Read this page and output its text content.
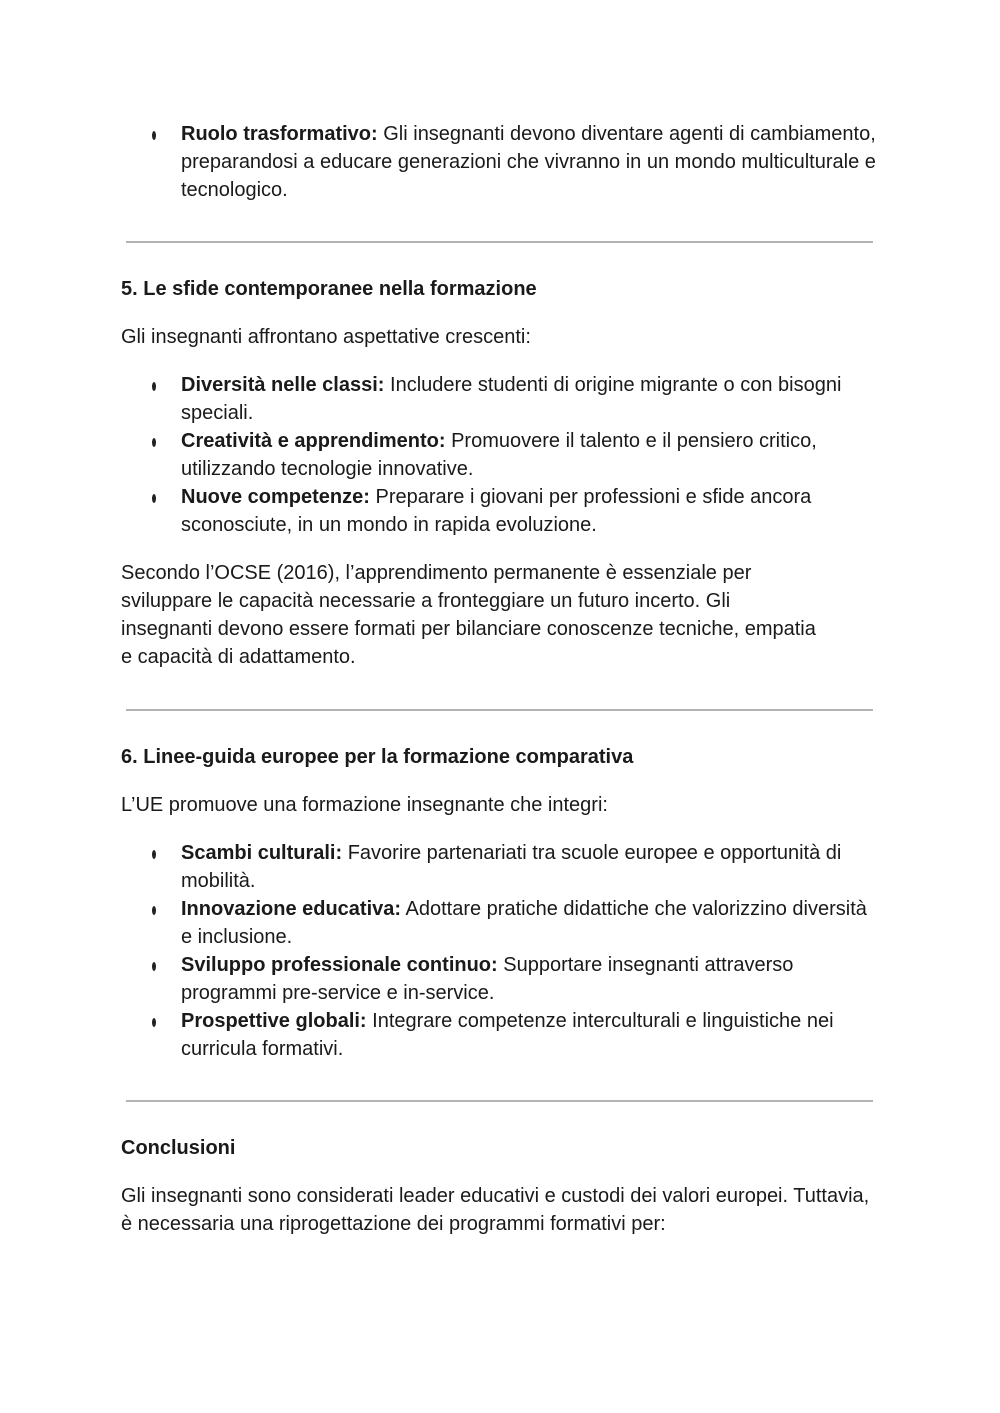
Ruolo trasformativo: Gli insegnanti devono diventare agenti di cambiamento, preparandosi a educare generazioni che vivranno in un mondo multiculturale e tecnologico.
5. Le sfide contemporanee nella formazione

Gli insegnanti affrontano aspettative crescenti:

Diversità nelle classi: Includere studenti di origine migrante o con bisogni speciali.
Creatività e apprendimento: Promuovere il talento e il pensiero critico, utilizzando tecnologie innovative.
Nuove competenze: Preparare i giovani per professioni e sfide ancora sconosciute, in un mondo in rapida evoluzione.

Secondo l’OCSE (2016), l’apprendimento permanente è essenziale per sviluppare le capacità necessarie a fronteggiare un futuro incerto. Gli insegnanti devono essere formati per bilanciare conoscenze tecniche, empatia e capacità di adattamento.

6. Linee-guida europee per la formazione comparativa

L’UE promuove una formazione insegnante che integri:

Scambi culturali: Favorire partenariati tra scuole europee e opportunità di mobilità.
Innovazione educativa: Adottare pratiche didattiche che valorizzino diversità e inclusione.
Sviluppo professionale continuo: Supportare insegnanti attraverso programmi pre-service e in-service.
Prospettive globali: Integrare competenze interculturali e linguistiche nei curricula formativi.
Conclusioni

Gli insegnanti sono considerati leader educativi e custodi dei valori europei. Tuttavia, è necessaria una riprogettazione dei programmi formativi per:
